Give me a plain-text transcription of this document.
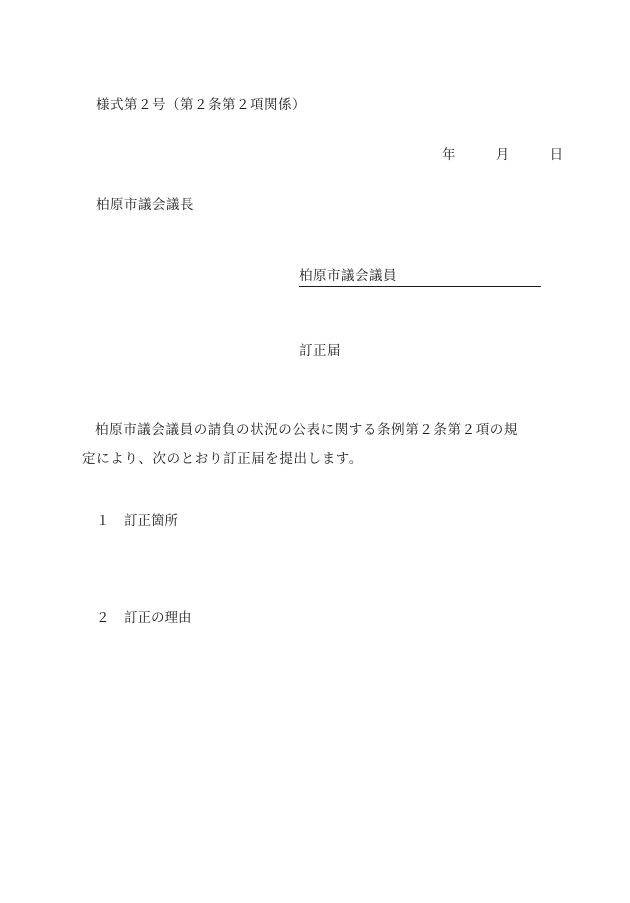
様式第２号（第２条第２項関係）
年	月	日
柏原市議会議長
柏原市議会議員
訂正届
柏原市議会議員の請負の状況の公表に関する条例第２条第２項の規
定により、次のとおり訂正届を提出します。
１ 訂正箇所
２ 訂正の理由
